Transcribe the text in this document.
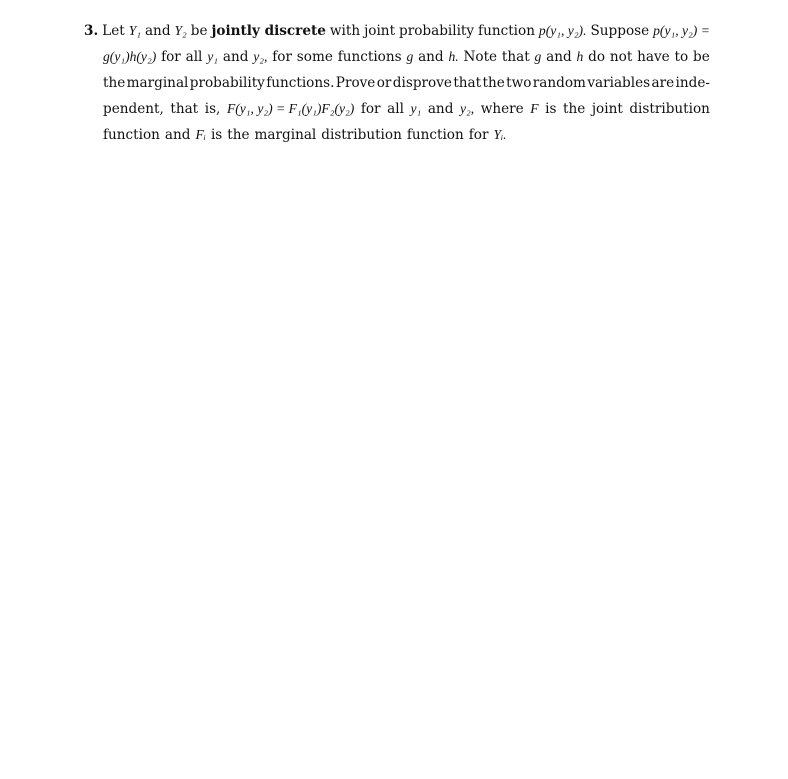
3. Let Y₁ and Y₂ be jointly discrete with joint probability function p(y₁, y₂). Suppose p(y₁, y₂) =
g(y₁)h(y₂) for all y₁ and y₂, for some functions g and h. Note that g and h do not have to be
the marginal probability functions. Prove or disprove that the two random variables are inde-
pendent, that is, F(y₁, y₂) = F₁(y₁)F₂(y₂) for all y₁ and y₂, where F is the joint distribution
function and Fᵢ is the marginal distribution function for Yᵢ.
